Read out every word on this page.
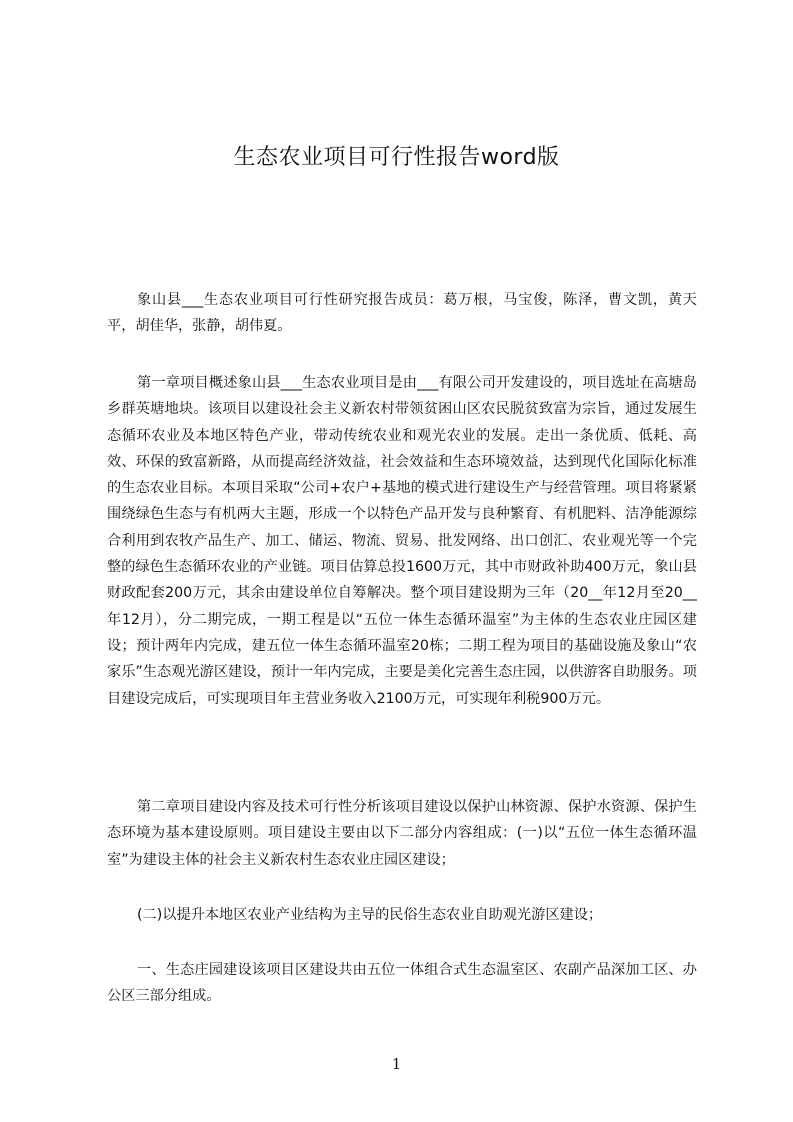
生态农业项目可行性报告word版

象山县___生态农业项目可行性研究报告成员：葛万根，马宝俊，陈泽，曹文凯，黄天平，胡佳华，张静，胡伟夏。

第一章项目概述象山县___生态农业项目是由___有限公司开发建设的，项目选址在高塘岛乡群英塘地块。该项目以建设社会主义新农村带领贫困山区农民脱贫致富为宗旨，通过发展生态循环农业及本地区特色产业，带动传统农业和观光农业的发展。走出一条优质、低耗、高效、环保的致富新路，从而提高经济效益，社会效益和生态环境效益，达到现代化国际化标准的生态农业目标。本项目采取“公司+农户+基地的模式进行建设生产与经营管理。项目将紧紧围绕绿色生态与有机两大主题，形成一个以特色产品开发与良种繁育、有机肥料、洁净能源综合利用到农牧产品生产、加工、储运、物流、贸易、批发网络、出口创汇、农业观光等一个完整的绿色生态循环农业的产业链。项目估算总投1600万元，其中市财政补助400万元，象山县财政配套200万元，其余由建设单位自筹解决。整个项目建设期为三年（20__年12月至20__年12月），分二期完成，一期工程是以“五位一体生态循环温室”为主体的生态农业庄园区建设；预计两年内完成，建五位一体生态循环温室20栋；二期工程为项目的基础设施及象山“农家乐”生态观光游区建设，预计一年内完成，主要是美化完善生态庄园，以供游客自助服务。项目建设完成后，可实现项目年主营业务收入2100万元，可实现年利税900万元。

第二章项目建设内容及技术可行性分析该项目建设以保护山林资源、保护水资源、保护生态环境为基本建设原则。项目建设主要由以下二部分内容组成：(一)以“五位一体生态循环温室”为建设主体的社会主义新农村生态农业庄园区建设；

(二)以提升本地区农业产业结构为主导的民俗生态农业自助观光游区建设；

一、生态庄园建设该项目区建设共由五位一体组合式生态温室区、农副产品深加工区、办公区三部分组成。

1
